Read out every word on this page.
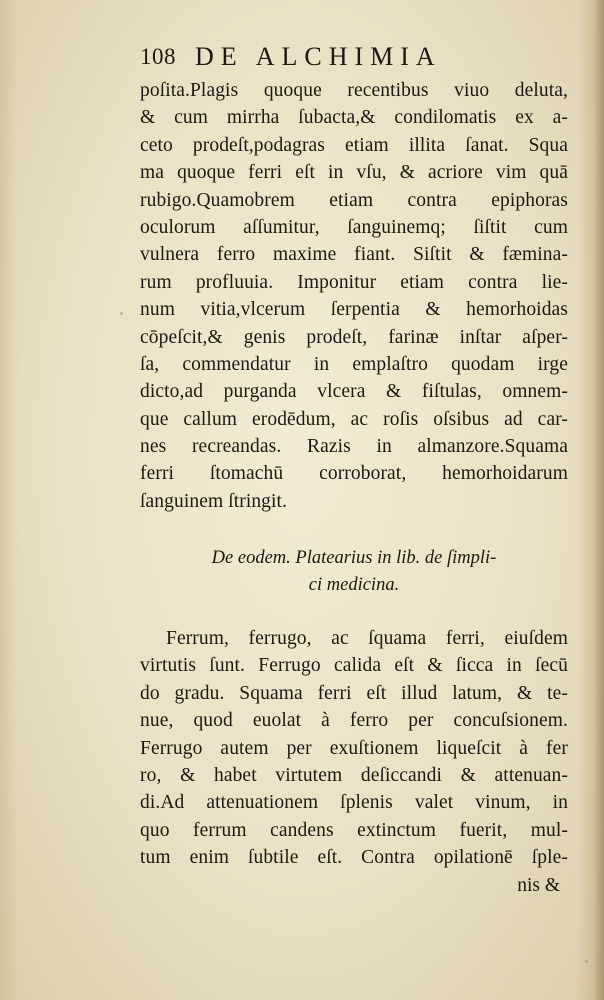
108 DE ALCHIMIA
poſita.Plagis quoque recentibus viuo deluta,
& cum mirrha ſubacta,& condilomatis ex a-
ceto prodeſt,podagras etiam illita ſanat. Squa
ma quoque ferri eſt in vſu, & acriore vim quā
rubigo.Quamobrem etiam contra epiphoras
oculorum aſſumitur, ſanguinemq; ſiſtit cum
vulnera ferro maxime fiant. Siſtit & fæmina-
rum profluuia. Imponitur etiam contra lie-
num vitia,vlcerum ſerpentia & hemorhoidas
cōpeſcit,& genis prodeſt, farinæ inſtar aſper-
ſa, commendatur in emplaſtro quodam irge
dicto,ad purganda vlcera & fiſtulas, omnem-
que callum erodēdum, ac roſis oſsibus ad car-
nes recreandas. Razis in almanzore.Squama
ferri ſtomachū corroborat, hemorhoidarum
ſanguinem ſtringit.
De eodem. Platearius in lib. de ſimpli-
ci medicina.
Ferrum, ferrugo, ac ſquama ferri, eiuſdem
virtutis ſunt. Ferrugo calida eſt & ſicca in ſecū
do gradu. Squama ferri eſt illud latum, & te-
nue, quod euolat à ferro per concuſsionem.
Ferrugo autem per exuſtionem liqueſcit à fer
ro, & habet virtutem deſiccandi & attenuan-
di.Ad attenuationem ſplenis valet vinum, in
quo ferrum candens extinctum fuerit, mul-
tum enim ſubtile eſt. Contra opilationē ſple-
nis &
